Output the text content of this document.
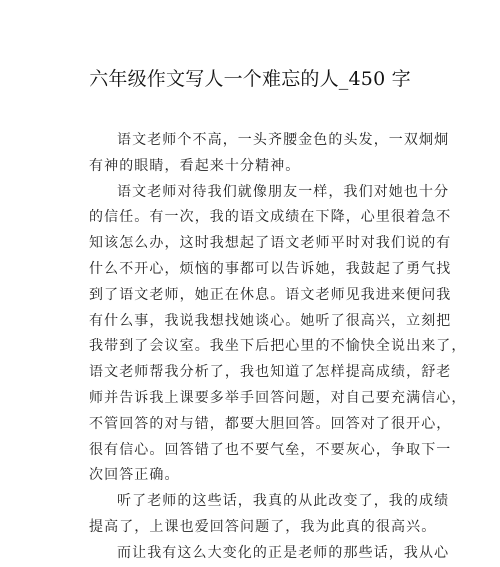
六年级作文写人一个难忘的人_450 字
语文老师个不高，一头齐腰金色的头发，一双炯炯
有神的眼睛，看起来十分精神。
语文老师对待我们就像朋友一样，我们对她也十分
的信任。有一次，我的语文成绩在下降，心里很着急不
知该怎么办，这时我想起了语文老师平时对我们说的有
什么不开心，烦恼的事都可以告诉她，我鼓起了勇气找
到了语文老师，她正在休息。语文老师见我进来便问我
有什么事，我说我想找她谈心。她听了很高兴，立刻把
我带到了会议室。我坐下后把心里的不愉快全说出来了，
语文老师帮我分析了，我也知道了怎样提高成绩，舒老
师并告诉我上课要多举手回答问题，对自己要充满信心，
不管回答的对与错，都要大胆回答。回答对了很开心，
很有信心。回答错了也不要气垒，不要灰心，争取下一
次回答正确。
听了老师的这些话，我真的从此改变了，我的成绩
提高了，上课也爱回答问题了，我为此真的很高兴。
而让我有这么大变化的正是老师的那些话，我从心
